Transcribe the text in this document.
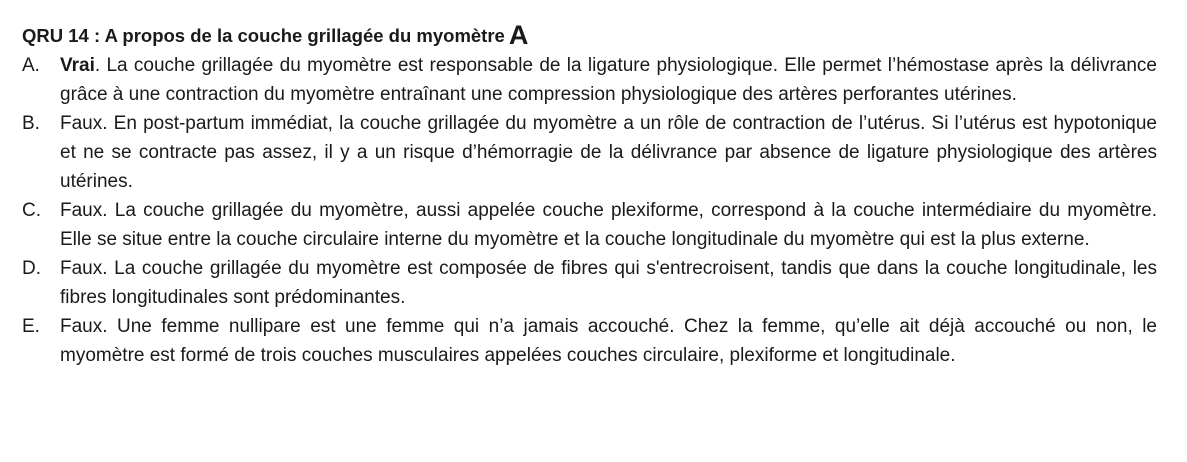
QRU 14 : A propos de la couche grillagée du myomètre A
A.	Vrai. La couche grillagée du myomètre est responsable de la ligature physiologique. Elle permet l’hémostase après la délivrance grâce à une contraction du myomètre entraînant une compression physiologique des artères perforantes utérines.
B.	Faux. En post-partum immédiat, la couche grillagée du myomètre a un rôle de contraction de l’utérus. Si l’utérus est hypotonique et ne se contracte pas assez, il y a un risque d’hémorragie de la délivrance par absence de ligature physiologique des artères utérines.
C.	Faux. La couche grillagée du myomètre, aussi appelée couche plexiforme, correspond à la couche intermédiaire du myomètre. Elle se situe entre la couche circulaire interne du myomètre et la couche longitudinale du myomètre qui est la plus externe.
D.	Faux. La couche grillagée du myomètre est composée de fibres qui s'entrecroisent, tandis que dans la couche longitudinale, les fibres longitudinales sont prédominantes.
E.	Faux. Une femme nullipare est une femme qui n’a jamais accouché. Chez la femme, qu’elle ait déjà accouché ou non, le myomètre est formé de trois couches musculaires appelées couches circulaire, plexiforme et longitudinale.
